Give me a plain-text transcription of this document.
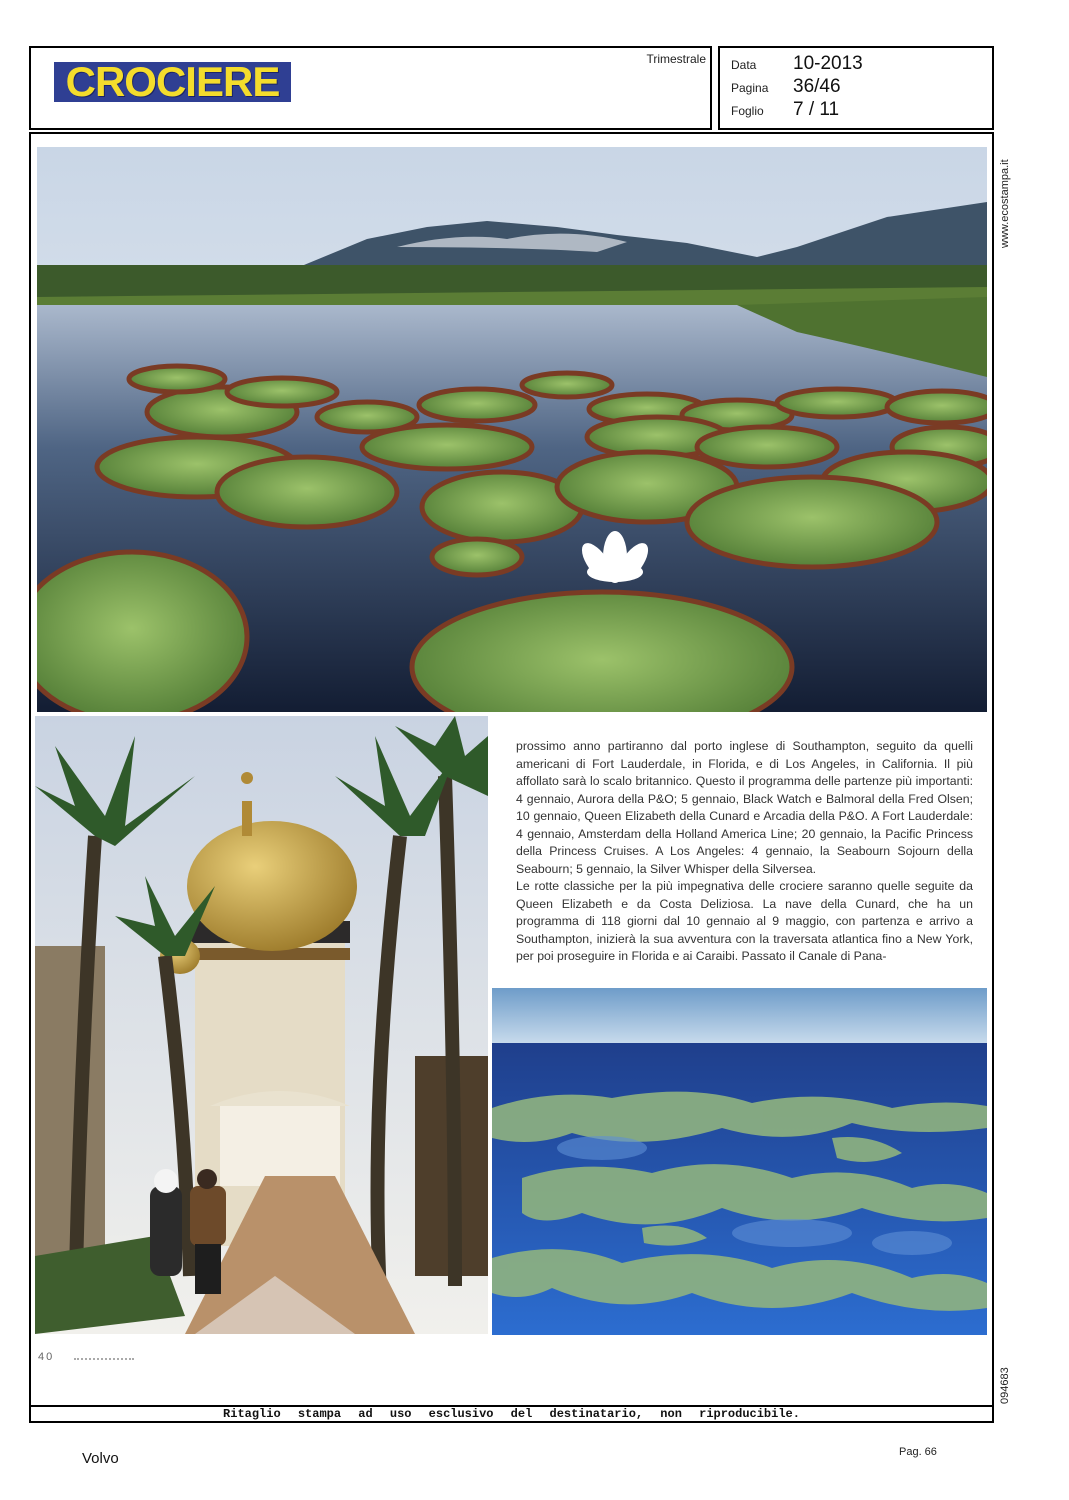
CROCIERE	Trimestrale Data	10-2013
Pagina	36/46
Foglio	7 / 11

prossimo anno partiranno dal porto inglese di Southampton, seguito da quelli americani di Fort Lauderdale, in Florida, e di Los Angeles, in California. Il più affollato sarà lo scalo britannico. Questo il programma delle partenze più importanti: 4 gennaio, Aurora della P&O; 5 gennaio, Black Watch e Balmoral della Fred Olsen; 10 gennaio, Queen Elizabeth della Cunard e Arcadia della P&O. A Fort Lauderdale: 4 gennaio, Amsterdam della Holland America Line; 20 gennaio, la Pacific Princess della Princess Cruises. A Los Angeles: 4 gennaio, la Seabourn Sojourn della Seabourn; 5 gennaio, la Silver Whisper della Silversea.

Le rotte classiche per la più impegnativa delle crociere saranno quelle seguite da Queen Elizabeth e da Costa Deliziosa. La nave della Cunard, che ha un programma di 118 giorni dal 10 gennaio al 9 maggio, con partenza e arrivo a Southampton, inizierà la sua avventura con la traversata atlantica fino a New York, per poi proseguire in Florida e ai Caraibi. Passato il Canale di Pana-

40
Ritaglio stampa ad uso esclusivo del destinatario, non riproducibile.
www.ecostampa.it
094683
Volvo	Pag. 66
